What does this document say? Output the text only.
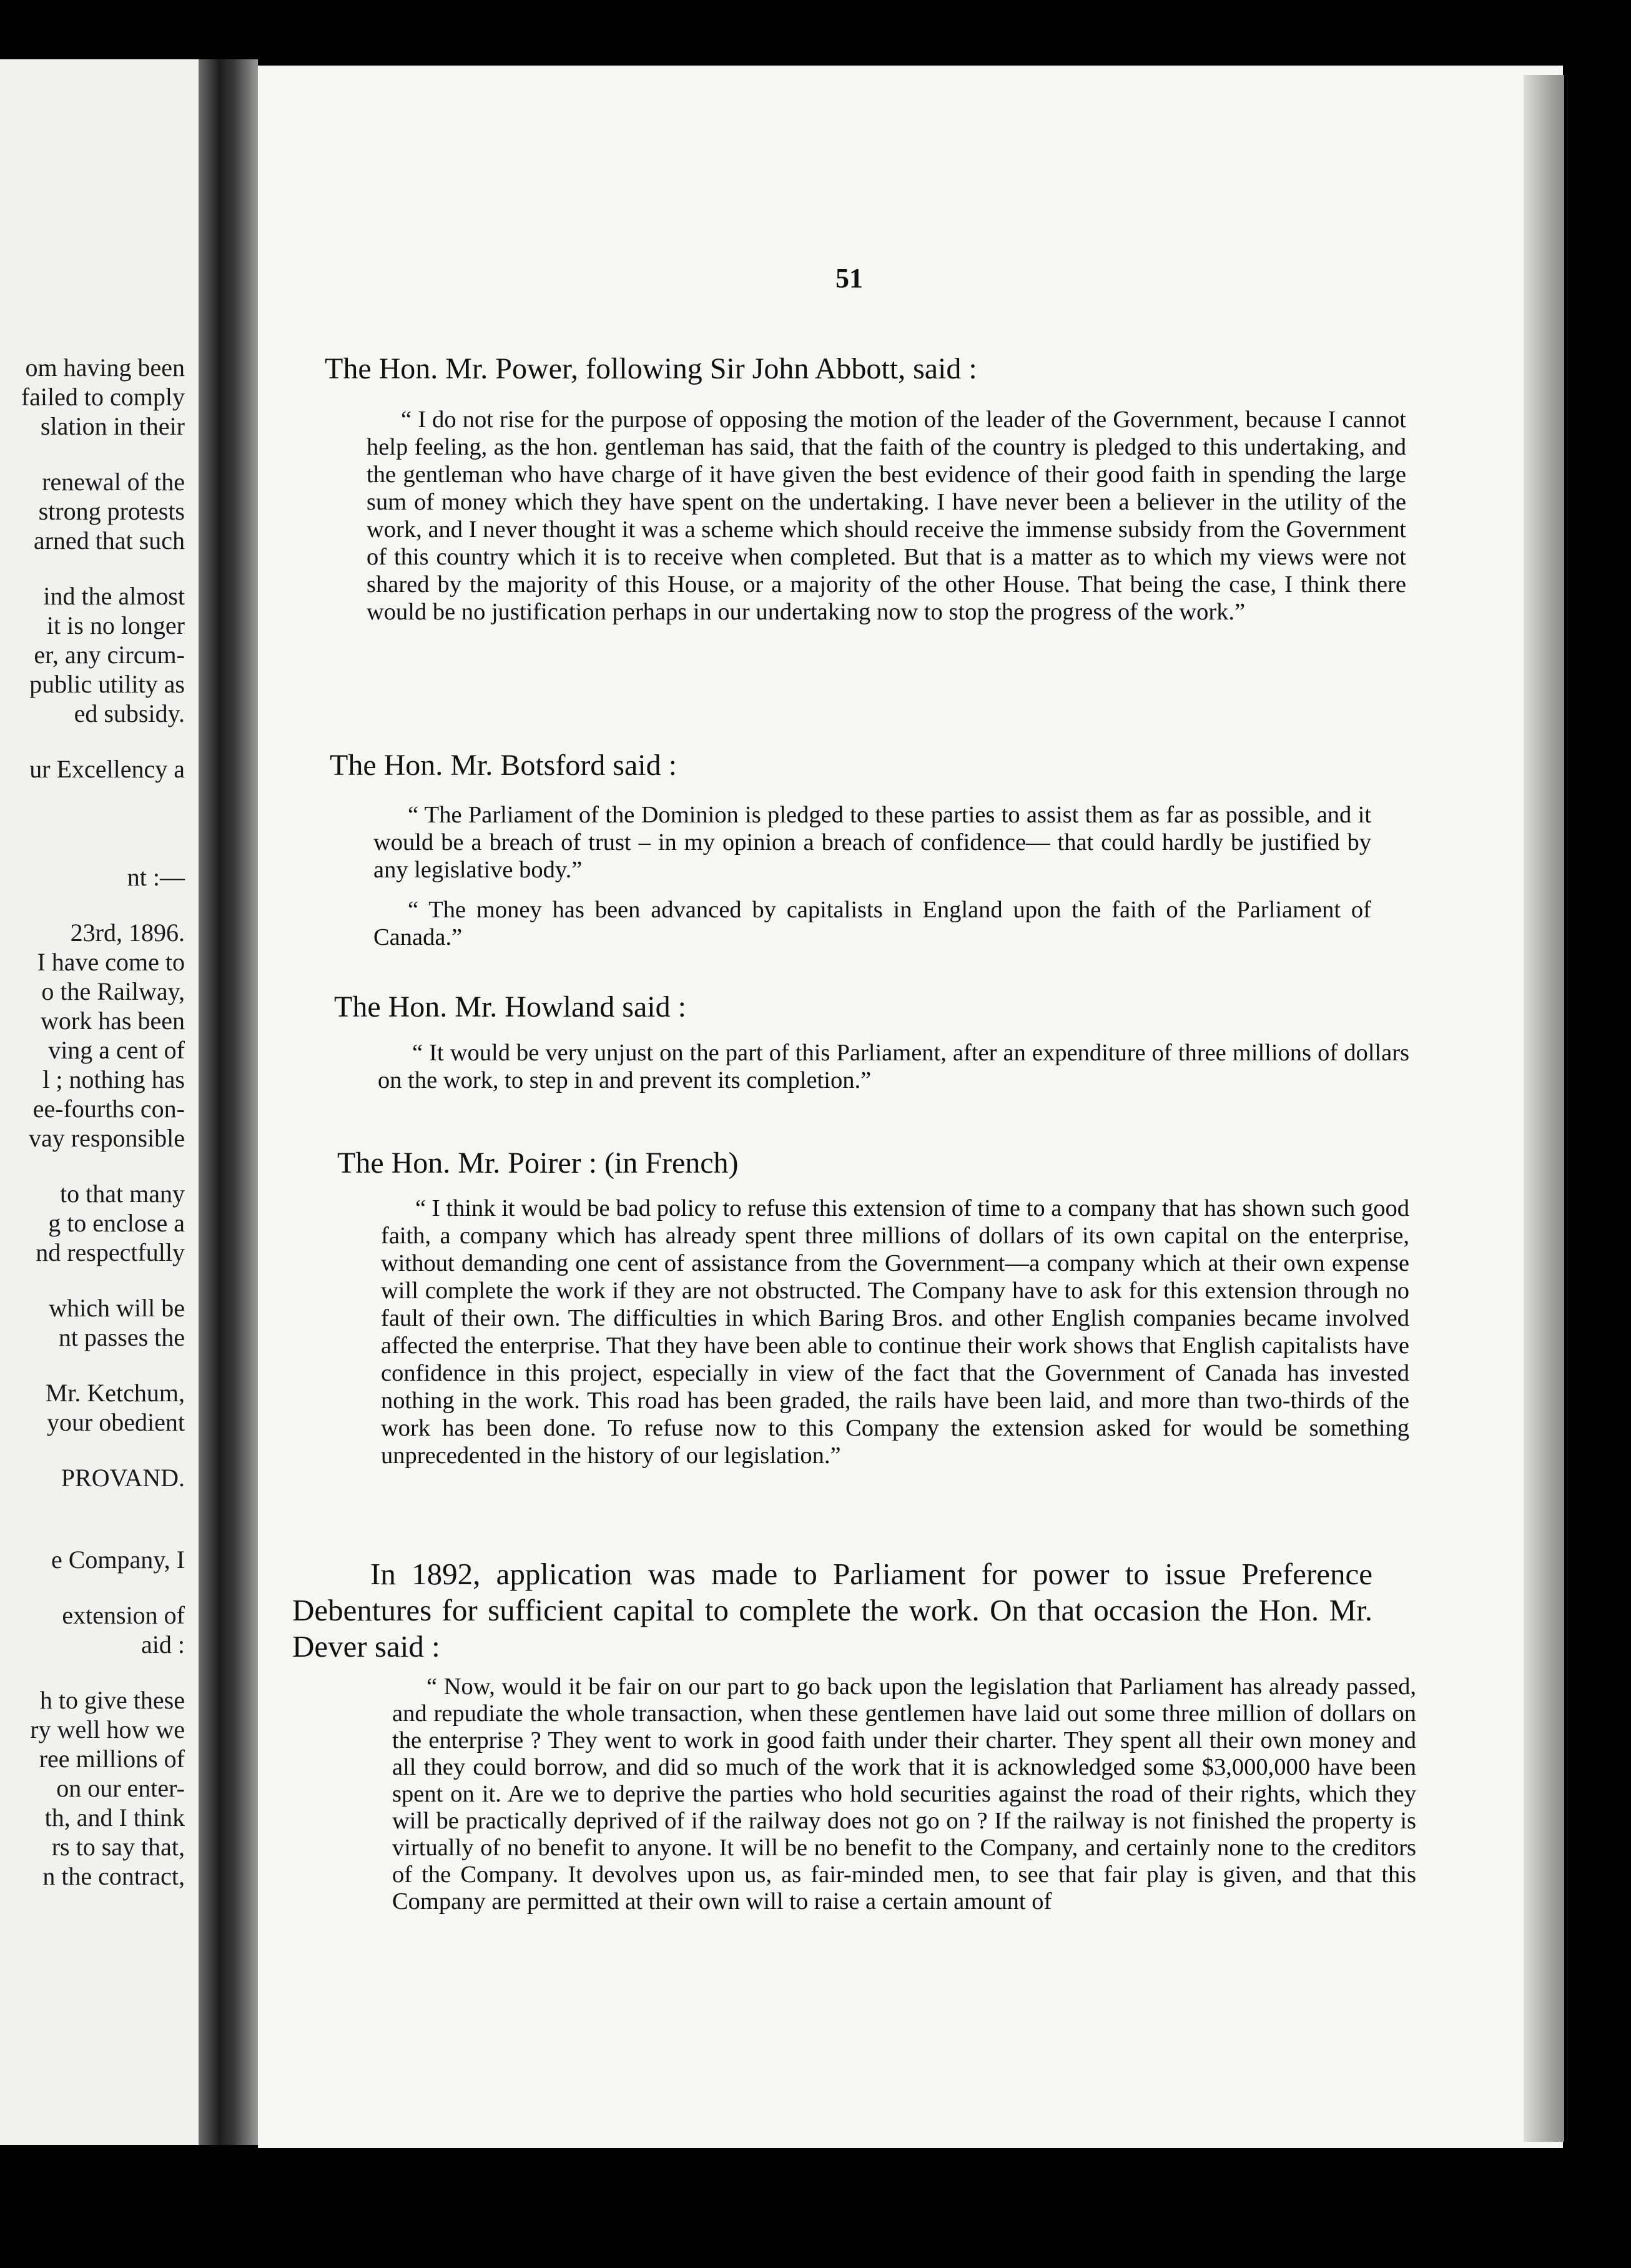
om having been
failed to comply
slation in their
renewal of the
strong protests
arned that such
ind the almost
it is no longer
er, any circum-
public utility as
ed subsidy.
ur Excellency a
nt :—
23rd, 1896.
I have come to
o the Railway,
work has been
ving a cent of
l ; nothing has
ee-fourths con-
vay responsible
to that many
g to enclose a
nd respectfully
which will be
nt passes the
Mr. Ketchum,
your obedient
PROVAND.
e Company, I
extension of
aid :
h to give these
ry well how we
ree millions of
on our enter-
th, and I think
rs to say that,
n the contract,
51
The Hon. Mr. Power, following Sir John Abbott, said :

“ I do not rise for the purpose of opposing the motion of the leader of the Government, because I cannot help feeling, as the hon. gentleman has said, that the faith of the country is pledged to this undertaking, and the gentleman who have charge of it have given the best evidence of their good faith in spending the large sum of money which they have spent on the undertaking. I have never been a believer in the utility of the work, and I never thought it was a scheme which should receive the immense subsidy from the Government of this country which it is to receive when completed. But that is a matter as to which my views were not shared by the majority of this House, or a majority of the other House. That being the case, I think there would be no justification perhaps in our undertaking now to stop the progress of the work.”

The Hon. Mr. Botsford said :

“ The Parliament of the Dominion is pledged to these parties to assist them as far as possible, and it would be a breach of trust – in my opinion a breach of confidence— that could hardly be justified by any legislative body.”

“ The money has been advanced by capitalists in England upon the faith of the Parliament of Canada.”

The Hon. Mr. Howland said :

“ It would be very unjust on the part of this Parliament, after an expenditure of three millions of dollars on the work, to step in and prevent its completion.”

The Hon. Mr. Poirer : (in French)

“ I think it would be bad policy to refuse this extension of time to a company that has shown such good faith, a company which has already spent three millions of dollars of its own capital on the enterprise, without demanding one cent of assistance from the Government—a company which at their own expense will complete the work if they are not obstructed. The Company have to ask for this extension through no fault of their own. The difficulties in which Baring Bros. and other English companies became involved affected the enterprise. That they have been able to continue their work shows that English capitalists have confidence in this project, especially in view of the fact that the Government of Canada has invested nothing in the work. This road has been graded, the rails have been laid, and more than two-thirds of the work has been done. To refuse now to this Company the extension asked for would be something unprecedented in the history of our legislation.”

In 1892, application was made to Parliament for power to issue Preference Debentures for sufficient capital to complete the work. On that occasion the Hon. Mr. Dever said :

“ Now, would it be fair on our part to go back upon the legislation that Parliament has already passed, and repudiate the whole transaction, when these gentlemen have laid out some three million of dollars on the enterprise ? They went to work in good faith under their charter. They spent all their own money and all they could borrow, and did so much of the work that it is acknowledged some $3,000,000 have been spent on it. Are we to deprive the parties who hold securities against the road of their rights, which they will be practically deprived of if the railway does not go on ? If the railway is not finished the property is virtually of no benefit to anyone. It will be no benefit to the Company, and certainly none to the creditors of the Company. It devolves upon us, as fair-minded men, to see that fair play is given, and that this Company are permitted at their own will to raise a certain amount of
